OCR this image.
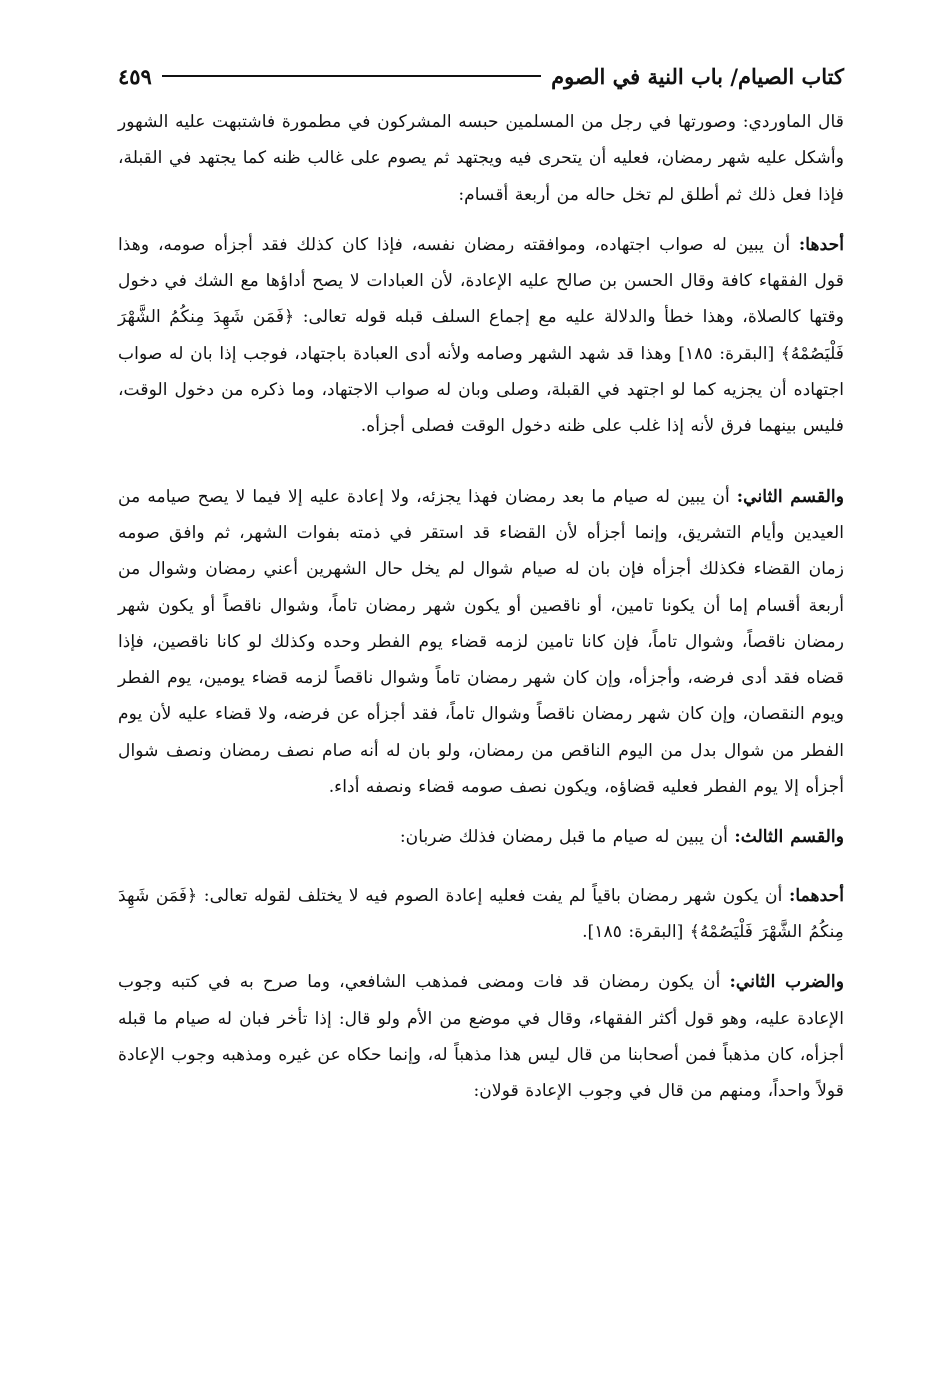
كتاب الصيام/ باب النية في الصوم
٤٥٩

قال الماوردي: وصورتها في رجل من المسلمين حبسه المشركون في مطمورة فاشتبهت عليه الشهور وأشكل عليه شهر رمضان، فعليه أن يتحرى فيه ويجتهد ثم يصوم على غالب ظنه كما يجتهد في القبلة، فإذا فعل ذلك ثم أطلق لم تخل حاله من أربعة أقسام:

أحدها: أن يبين له صواب اجتهاده، وموافقته رمضان نفسه، فإذا كان كذلك فقد أجزأه صومه، وهذا قول الفقهاء كافة وقال الحسن بن صالح عليه الإعادة، لأن العبادات لا يصح أداؤها مع الشك في دخول وقتها كالصلاة، وهذا خطأ والدلالة عليه مع إجماع السلف قبله قوله تعالى: ﴿فَمَن شَهِدَ مِنكُمُ الشَّهْرَ فَلْيَصُمْهُ﴾ [البقرة: ١٨٥] وهذا قد شهد الشهر وصامه ولأنه أدى العبادة باجتهاد، فوجب إذا بان له صواب اجتهاده أن يجزيه كما لو اجتهد في القبلة، وصلى وبان له صواب الاجتهاد، وما ذكره من دخول الوقت، فليس بينهما فرق لأنه إذا غلب على ظنه دخول الوقت فصلى أجزأه.

والقسم الثاني: أن يبين له صيام ما بعد رمضان فهذا يجزئه، ولا إعادة عليه إلا فيما لا يصح صيامه من العيدين وأيام التشريق، وإنما أجزأه لأن القضاء قد استقر في ذمته بفوات الشهر، ثم وافق صومه زمان القضاء فكذلك أجزأه فإن بان له صيام شوال لم يخل حال الشهرين أعني رمضان وشوال من أربعة أقسام إما أن يكونا تامين، أو ناقصين أو يكون شهر رمضان تاماً، وشوال ناقصاً أو يكون شهر رمضان ناقصاً، وشوال تاماً، فإن كانا تامين لزمه قضاء يوم الفطر وحده وكذلك لو كانا ناقصين، فإذا قضاه فقد أدى فرضه، وأجزأه، وإن كان شهر رمضان تاماً وشوال ناقصاً لزمه قضاء يومين، يوم الفطر ويوم النقصان، وإن كان شهر رمضان ناقصاً وشوال تاماً، فقد أجزأه عن فرضه، ولا قضاء عليه لأن يوم الفطر من شوال بدل من اليوم الناقص من رمضان، ولو بان له أنه صام نصف رمضان ونصف شوال أجزأه إلا يوم الفطر فعليه قضاؤه، ويكون نصف صومه قضاء ونصفه أداء.

والقسم الثالث: أن يبين له صيام ما قبل رمضان فذلك ضربان:

أحدهما: أن يكون شهر رمضان باقياً لم يفت فعليه إعادة الصوم فيه لا يختلف لقوله تعالى: ﴿فَمَن شَهِدَ مِنكُمُ الشَّهْرَ فَلْيَصُمْهُ﴾ [البقرة: ١٨٥].

والضرب الثاني: أن يكون رمضان قد فات ومضى فمذهب الشافعي، وما صرح به في كتبه وجوب الإعادة عليه، وهو قول أكثر الفقهاء، وقال في موضع من الأم ولو قال: إذا تأخر فبان له صيام ما قبله أجزأه، كان مذهباً فمن أصحابنا من قال ليس هذا مذهباً له، وإنما حكاه عن غيره ومذهبه وجوب الإعادة قولاً واحداً، ومنهم من قال في وجوب الإعادة قولان:
